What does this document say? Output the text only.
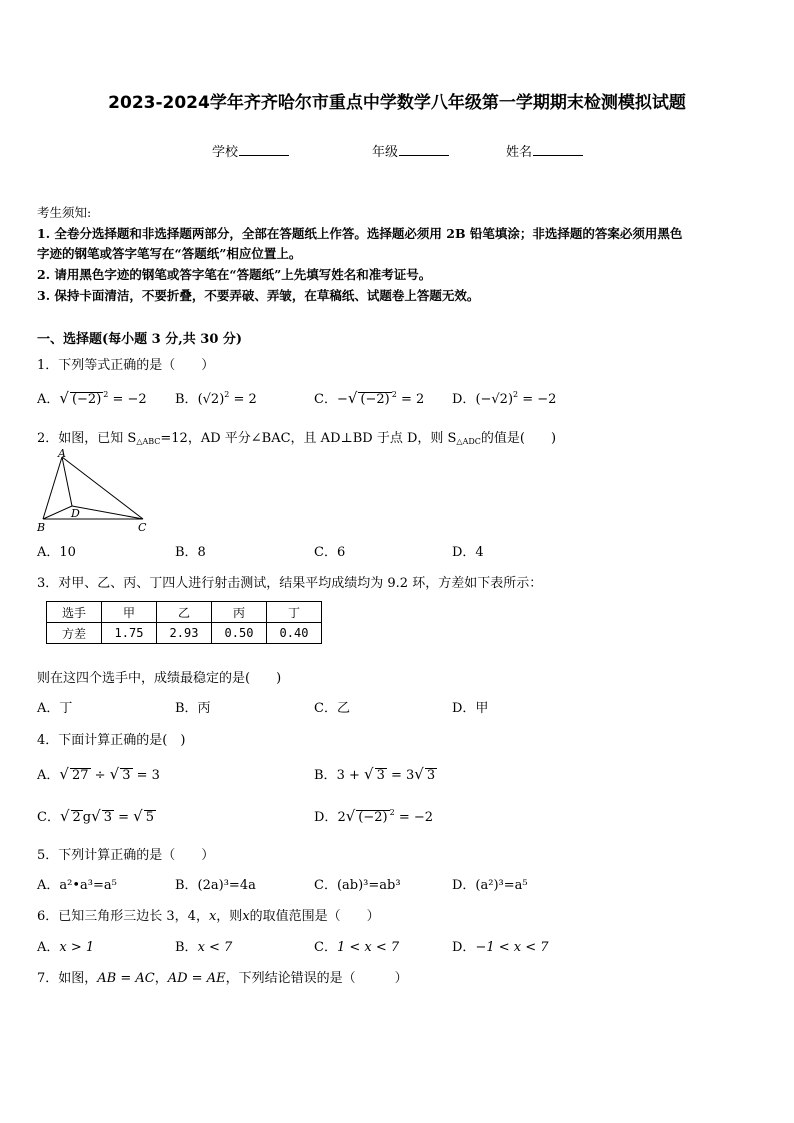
2023-2024学年齐齐哈尔市重点中学数学八年级第一学期期末检测模拟试题
学校	年级	姓名
考生须知:
1. 全卷分选择题和非选择题两部分，全部在答题纸上作答。选择题必须用 2B 铅笔填涂；非选择题的答案必须用黑色
字迹的钢笔或答字笔写在“答题纸”相应位置上。
2. 请用黑色字迹的钢笔或答字笔在“答题纸”上先填写姓名和准考证号。
3. 保持卡面清洁，不要折叠，不要弄破、弄皱，在草稿纸、试题卷上答题无效。
一、选择题(每小题 3 分,共 30 分)
1．下列等式正确的是（　　）
A．√ (−2) $^2$ = −2 B．$(√2)^2 = 2$	C．−√ (−2) $^2$ = 2 D．$(-√2)^2 = -2$
2．如图，已知 $S_{\triangle ABC}=12$，AD 平分∠BAC，且 AD⊥BD 于点 D，则 $S_{\triangle ADC}$的值是(　　)
A
B	C
D
A．10	B．8	C．6	D．4
3．对甲、乙、丙、丁四人进行射击测试，结果平均成绩均为 9.2 环，方差如下表所示：
选手	甲	乙	丙	丁
方差	1.75	2.93	0.50	0.40
则在这四个选手中，成绩最稳定的是(　　)
A．丁	B．丙	C．乙	D．甲
4．下面计算正确的是(　)
A．√ 27 ÷ √ 3 = 3	B．3 + √ 3 = 3√ 3
C．√ 2 g√ 3 = √ 5	D．2√ (−2) $^2$ = −2
5．下列计算正确的是（　　）
A．a²•a³=a⁵	B．(2a)³=4a	C．(ab)³=ab³	D．(a²)³=a⁵
6．已知三角形三边长 3，4，x，则x的取值范围是（　　）
A．x > 1	B．x < 7	C．1 < x < 7	D．−1 < x < 7
7．如图，AB = AC，AD = AE，下列结论错误的是（　　　）
